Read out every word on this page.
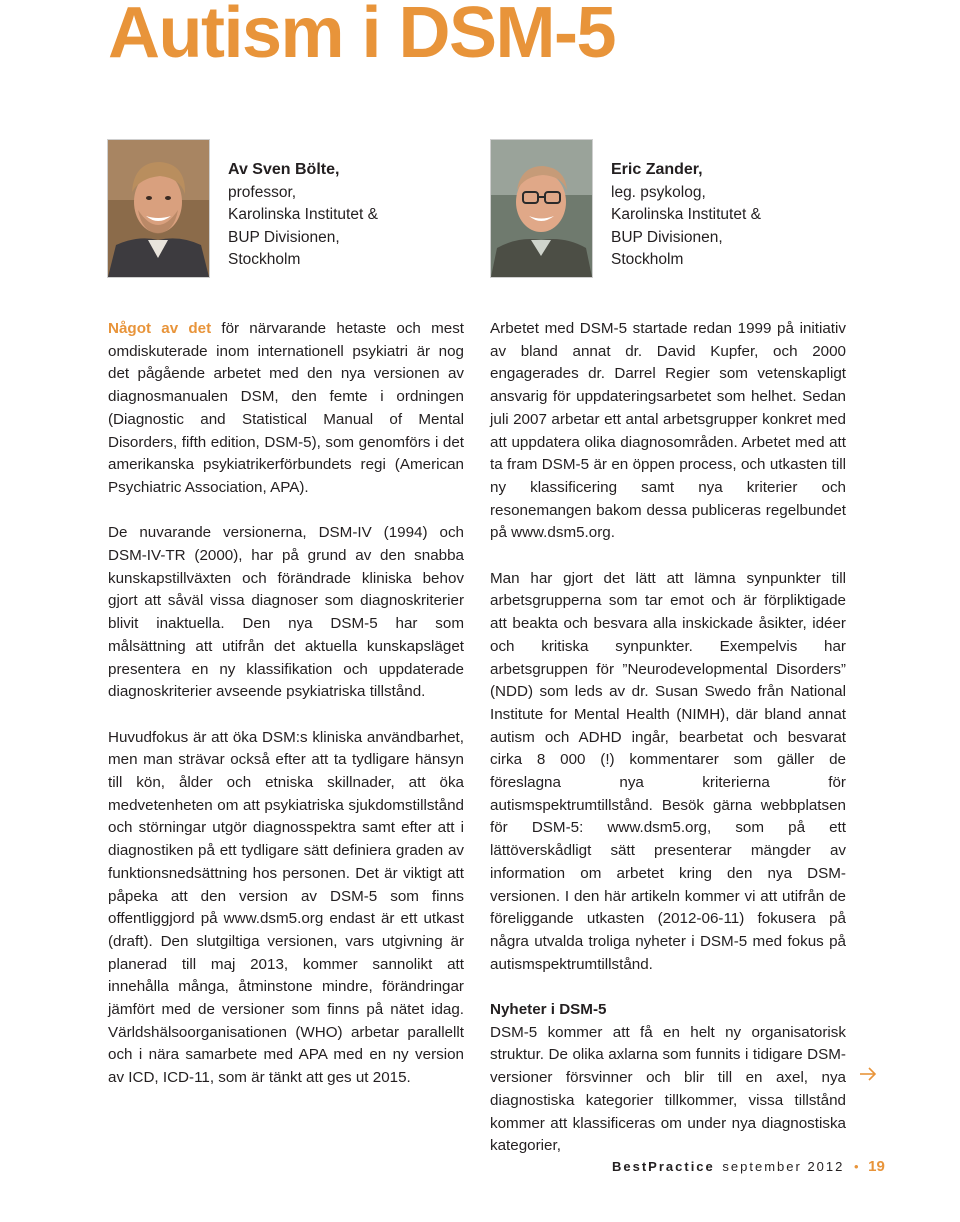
Autism i DSM-5
Av Sven Bölte,
professor,
Karolinska Institutet &
BUP Divisionen,
Stockholm
Eric Zander,
leg. psykolog,
Karolinska Institutet &
BUP Divisionen,
Stockholm

Något av det för närvarande hetaste och mest omdiskuterade inom internationell psykiatri är nog det pågående arbetet med den nya versionen av diagnosmanualen DSM, den femte i ordningen (Diagnostic and Statistical Manual of Mental Disorders, fifth edition, DSM-5), som genomförs i det amerikanska psykiatrikerförbundets regi (American Psychiatric Association, APA).

De nuvarande versionerna, DSM-IV (1994) och DSM-IV-TR (2000), har på grund av den snabba kunskapstillväxten och förändrade kliniska behov gjort att såväl vissa diagnoser som diagnoskriterier blivit inaktuella. Den nya DSM-5 har som målsättning att utifrån det aktuella kunskapsläget presentera en ny klassifikation och uppdaterade diagnoskriterier avseende psykiatriska tillstånd.

Huvudfokus är att öka DSM:s kliniska användbarhet, men man strävar också efter att ta tydligare hänsyn till kön, ålder och etniska skillnader, att öka medvetenheten om att psykiatriska sjukdomstillstånd och störningar utgör diagnosspektra samt efter att i diagnostiken på ett tydligare sätt definiera graden av funktionsnedsättning hos personen. Det är viktigt att påpeka att den version av DSM-5 som finns offentliggjord på www.dsm5.org endast är ett utkast (draft). Den slutgiltiga versionen, vars utgivning är planerad till maj 2013, kommer sannolikt att innehålla många, åtminstone mindre, förändringar jämfört med de versioner som finns på nätet idag. Världshälsoorganisationen (WHO) arbetar parallellt och i nära samarbete med APA med en ny version av ICD, ICD-11, som är tänkt att ges ut 2015.

Arbetet med DSM-5 startade redan 1999 på initiativ av bland annat dr. David Kupfer, och 2000 engagerades dr. Darrel Regier som vetenskapligt ansvarig för uppdateringsarbetet som helhet. Sedan juli 2007 arbetar ett antal arbetsgrupper konkret med att uppdatera olika diagnosområden. Arbetet med att ta fram DSM-5 är en öppen process, och utkasten till ny klassificering samt nya kriterier och resonemangen bakom dessa publiceras regelbundet på www.dsm5.org.

Man har gjort det lätt att lämna synpunkter till arbetsgrupperna som tar emot och är förpliktigade att beakta och besvara alla inskickade åsikter, idéer och kritiska synpunkter. Exempelvis har arbetsgruppen för ”Neurodevelopmental Disorders” (NDD) som leds av dr. Susan Swedo från National Institute for Mental Health (NIMH), där bland annat autism och ADHD ingår, bearbetat och besvarat cirka 8 000 (!) kommentarer som gäller de föreslagna nya kriterierna för autismspektrumtillstånd. Besök gärna webbplatsen för DSM-5: www.dsm5.org, som på ett lättöverskådligt sätt presenterar mängder av information om arbetet kring den nya DSM-versionen. I den här artikeln kommer vi att utifrån de föreliggande utkasten (2012-06-11) fokusera på några utvalda troliga nyheter i DSM-5 med fokus på autismspektrumtillstånd.

Nyheter i DSM-5

DSM-5 kommer att få en helt ny organisatorisk struktur. De olika axlarna som funnits i tidigare DSM-versioner försvinner och blir till en axel, nya diagnostiska kategorier tillkommer, vissa tillstånd kommer att klassificeras om under nya diagnostiska kategorier,

BestPractice september 2012 • 19
